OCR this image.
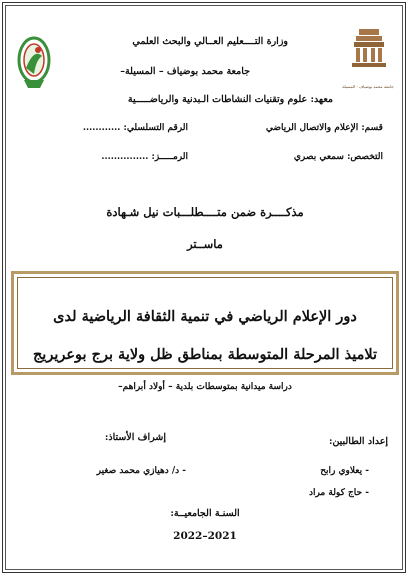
جامعة محمد بوضياف - المسيلة
وزارة التــــعليم العــالي والبحث العلمي
جامعة محمد بوضياف – المسيلة–
معهد: علوم وتقنيات النشاطات الـبدنية والرياضـــــية
قسم: الإعلام والاتصال الرياضي
الرقم التسلسلي: ............
التخصص: سمعي بصري
الرمـــــز: ...............
مذكــــرة ضمن متــــطلـــبات نيل شـهادة
ماســتر
دور الإعلام الرياضي في تنمية الثقافة الرياضية لدى
تلاميذ المرحلة المتوسطة بمناطق ظل ولاية برج بوعريريج
دراسة ميدانية بمتوسطات بلدية – أولاد أبراهم–
إعداد الطالبين:
إشراف الأستاذ:
- يعلاوي رابح
- حاج كولة مراد
- د/ دهيازي محمد صغير
السنـة الجامعيــة:
2022–2021
